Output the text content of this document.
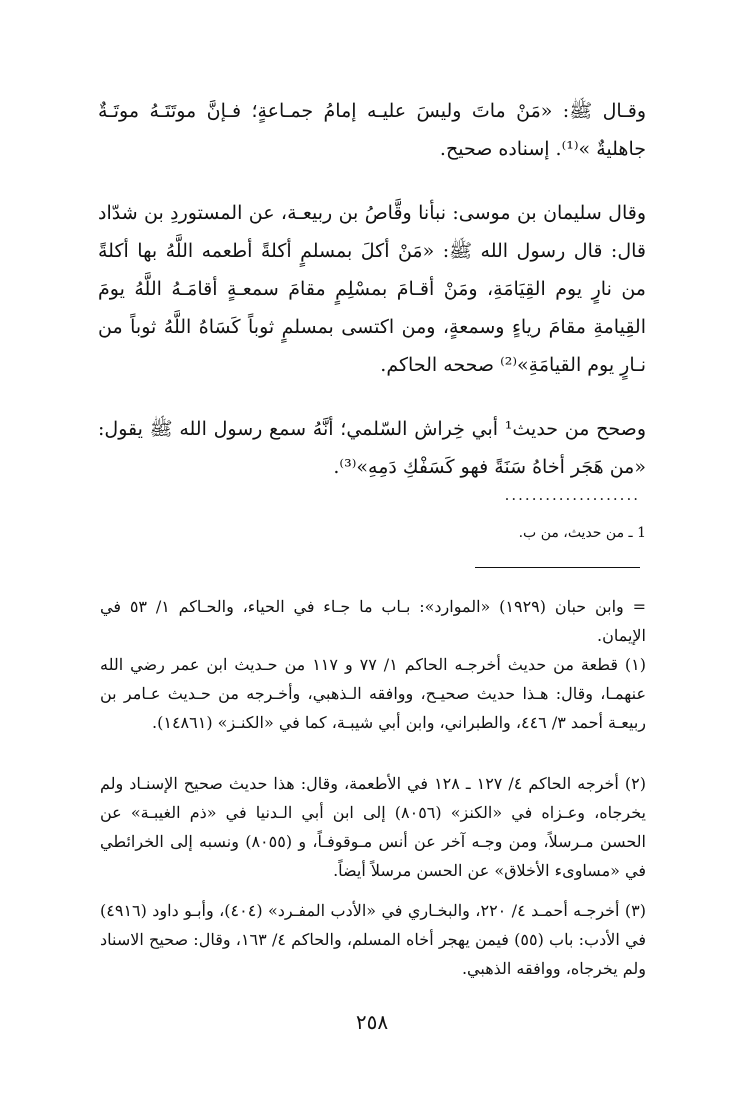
وقـال ﷺ: «مَنْ ماتَ وليسَ عليـه إمامُ جمـاعةٍ؛ فـإنَّ موتَتَـهُ موتَـةٌ جاهليةٌ »⁽¹⁾. إسناده صحيح.

وقال سليمان بن موسى: نبأنا وقَّاصُ بن ربيعـة، عن المستوردِ بن شدّاد قال: قال رسول الله ﷺ: «مَنْ أكلَ بمسلمٍ أكلةً أطعمه اللَّهُ بها أكلةً من نارٍ يوم القِيَامَةِ، ومَنْ أقـامَ بمسْلِمٍ مقامَ سمعـةٍ أقامَـهُ اللَّهُ يومَ القِيامةِ مقامَ رياءٍ وسمعةٍ، ومن اكتسى بمسلمٍ ثوباً كَسَاهُ اللَّهُ ثوباً من نـارٍ يوم القيامَةِ»⁽²⁾ صححه الحاكم.

وصحح من حديث¹ أبي خِراش السّلمي؛ أنَّهُ سمع رسول الله ﷺ يقول: «من هَجَر أخاهُ سَنَةً فهو كَسَفْكِ دَمِهِ»⁽³⁾.

....................
1 ـ من حديث، من ب.
= وابن حبان (١٩٢٩) «الموارد»: بـاب ما جـاء في الحياء، والحـاكم ١/ ٥٣ في الإيمان.
(١) قطعة من حديث أخرجـه الحاكم ١/ ٧٧ و ١١٧ من حـديث ابن عمر رضي الله عنهمـا، وقال: هـذا حديث صحيـح، ووافقه الـذهبي، وأخـرجه من حـديث عـامر بن ربيعـة أحمد ٣/ ٤٤٦، والطبراني، وابن أبي شيبـة، كما في «الكنـز» (١٤٨٦١).
(٢) أخرجه الحاكم ٤/ ١٢٧ ـ ١٢٨ في الأطعمة، وقال: هذا حديث صحيح الإسنـاد ولم يخرجاه، وعـزاه في «الكنز» (٨٠٥٦) إلى ابن أبي الـدنيا في «ذم الغيبـة» عن الحسن مـرسلاً، ومن وجـه آخر عن أنس مـوقوفـاً، و (٨٠٥٥) ونسبه إلى الخرائطي في «مساوىء الأخلاق» عن الحسن مرسلاً أيضاً.
(٣) أخرجـه أحمـد ٤/ ٢٢٠، والبخـاري في «الأدب المفـرد» (٤٠٤)، وأبـو داود (٤٩١٦) في الأدب: باب (٥٥) فيمن يهجر أخاه المسلم، والحاكم ٤/ ١٦٣، وقال: صحيح الاسناد ولم يخرجاه، ووافقه الذهبي.
٢٥٨
